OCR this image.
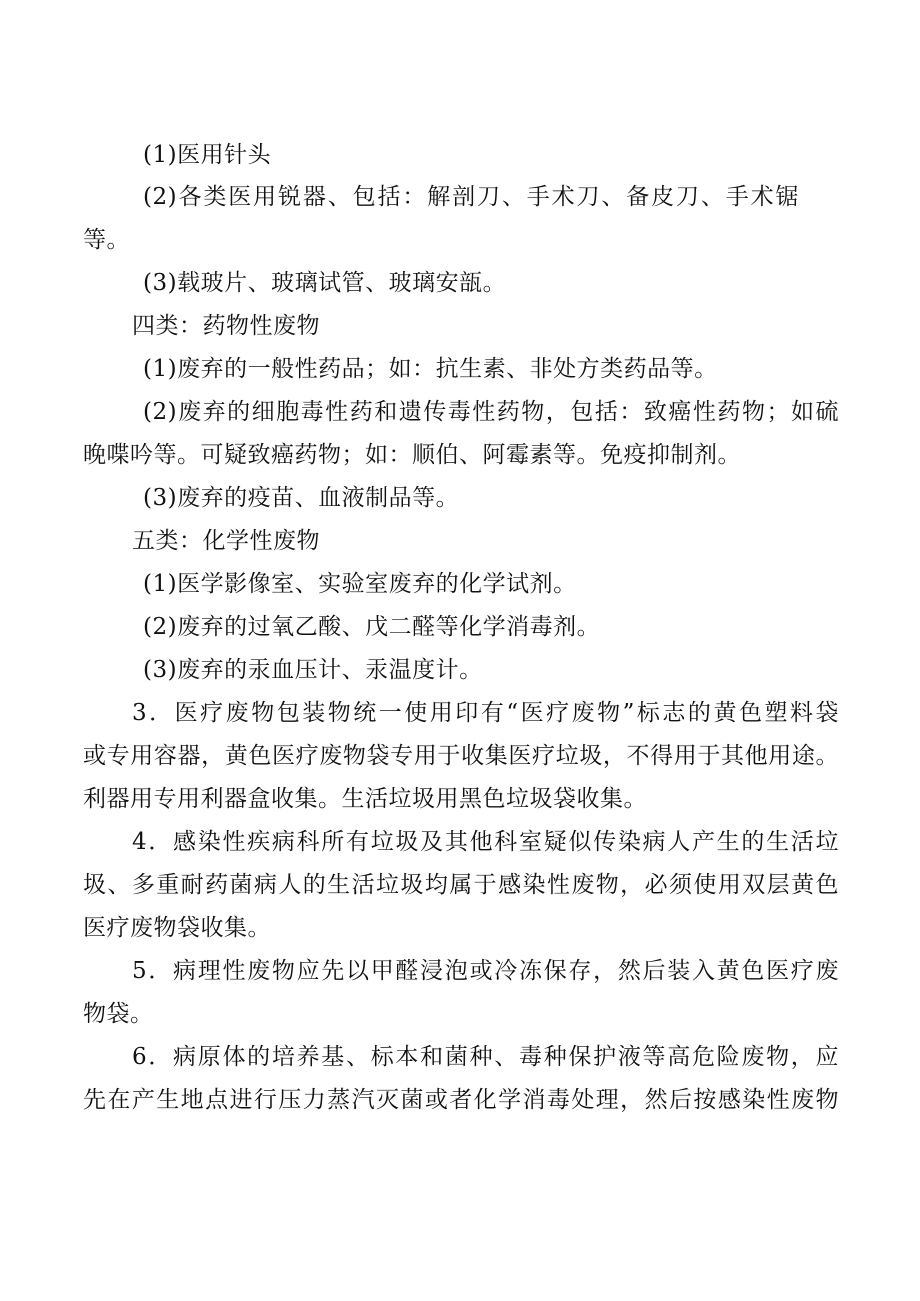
(1)医用针头
(2)各类医用锐器、包括：解剖刀、手术刀、备皮刀、手术锯
等。
(3)载玻片、玻璃试管、玻璃安瓿。
四类：药物性废物
(1)废弃的一般性药品；如：抗生素、非处方类药品等。
(2)废弃的细胞毒性药和遗传毒性药物，包括：致癌性药物；如硫
晚喋吟等。可疑致癌药物；如：顺伯、阿霉素等。免疫抑制剂。
(3)废弃的疫苗、血液制品等。
五类：化学性废物
(1)医学影像室、实验室废弃的化学试剂。
(2)废弃的过氧乙酸、戊二醛等化学消毒剂。
(3)废弃的汞血压计、汞温度计。
3．医疗废物包装物统一使用印有“医疗废物”标志的黄色塑料袋
或专用容器，黄色医疗废物袋专用于收集医疗垃圾，不得用于其他用途。
利器用专用利器盒收集。生活垃圾用黑色垃圾袋收集。
4．感染性疾病科所有垃圾及其他科室疑似传染病人产生的生活垃
圾、多重耐药菌病人的生活垃圾均属于感染性废物，必须使用双层黄色
医疗废物袋收集。
5．病理性废物应先以甲醛浸泡或冷冻保存，然后装入黄色医疗废
物袋。
6．病原体的培养基、标本和菌种、毒种保护液等高危险废物，应
先在产生地点进行压力蒸汽灭菌或者化学消毒处理，然后按感染性废物
